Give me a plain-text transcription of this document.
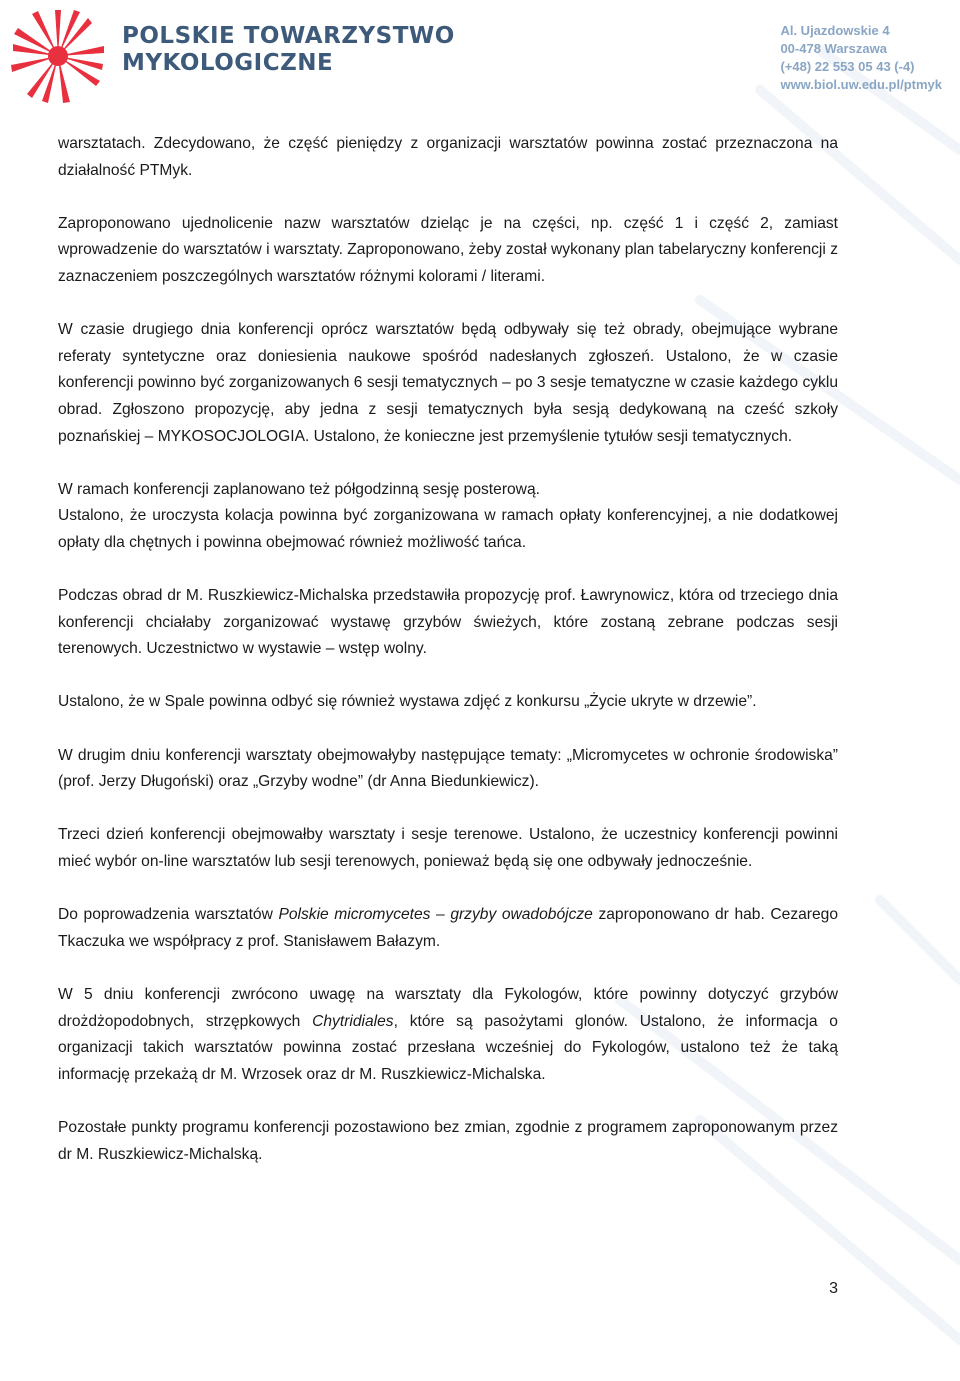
POLSKIE TOWARZYSTWO
MYKOLOGICZNE
Al. Ujazdowskie 4
00-478 Warszawa
(+48) 22 553 05 43 (-4)
www.biol.uw.edu.pl/ptmyk

warsztatach. Zdecydowano, że część pieniędzy z organizacji warsztatów powinna zostać przeznaczona na działalność PTMyk.

Zaproponowano ujednolicenie nazw warsztatów dzieląc je na części, np. część 1 i część 2, zamiast wprowadzenie do warsztatów i warsztaty. Zaproponowano, żeby został wykonany plan tabelaryczny konferencji z zaznaczeniem poszczególnych warsztatów różnymi kolorami / literami.

W czasie drugiego dnia konferencji oprócz warsztatów będą odbywały się też obrady, obejmujące wybrane referaty syntetyczne oraz doniesienia naukowe spośród nadesłanych zgłoszeń. Ustalono, że w czasie konferencji powinno być zorganizowanych 6 sesji tematycznych – po 3 sesje tematyczne w czasie każdego cyklu obrad. Zgłoszono propozycję, aby jedna z sesji tematycznych była sesją dedykowaną na cześć szkoły poznańskiej – MYKOSOCJOLOGIA. Ustalono, że konieczne jest przemyślenie tytułów sesji tematycznych.

W ramach konferencji zaplanowano też półgodzinną sesję posterową.

Ustalono, że uroczysta kolacja powinna być zorganizowana w ramach opłaty konferencyjnej, a nie dodatkowej opłaty dla chętnych i powinna obejmować również możliwość tańca.

Podczas obrad dr M. Ruszkiewicz-Michalska przedstawiła propozycję prof. Ławrynowicz, która od trzeciego dnia konferencji chciałaby zorganizować wystawę grzybów świeżych, które zostaną zebrane podczas sesji terenowych. Uczestnictwo w wystawie – wstęp wolny.

Ustalono, że w Spale powinna odbyć się również wystawa zdjęć z konkursu „Życie ukryte w drzewie”.

W drugim dniu konferencji warsztaty obejmowałyby następujące tematy: „Micromycetes w ochronie środowiska” (prof. Jerzy Długoński) oraz „Grzyby wodne” (dr Anna Biedunkiewicz).

Trzeci dzień konferencji obejmowałby warsztaty i sesje terenowe. Ustalono, że uczestnicy konferencji powinni mieć wybór on-line warsztatów lub sesji terenowych, ponieważ będą się one odbywały jednocześnie.

Do poprowadzenia warsztatów Polskie micromycetes – grzyby owadobójcze zaproponowano dr hab. Cezarego Tkaczuka we współpracy z prof. Stanisławem Bałazym.

W 5 dniu konferencji zwrócono uwagę na warsztaty dla Fykologów, które powinny dotyczyć grzybów drożdżopodobnych, strzępkowych Chytridiales, które są pasożytami glonów. Ustalono, że informacja o organizacji takich warsztatów powinna zostać przesłana wcześniej do Fykologów, ustalono też że taką informację przekażą dr M. Wrzosek oraz dr M. Ruszkiewicz-Michalska.

Pozostałe punkty programu konferencji pozostawiono bez zmian, zgodnie z programem zaproponowanym przez dr M. Ruszkiewicz-Michalską.

3
